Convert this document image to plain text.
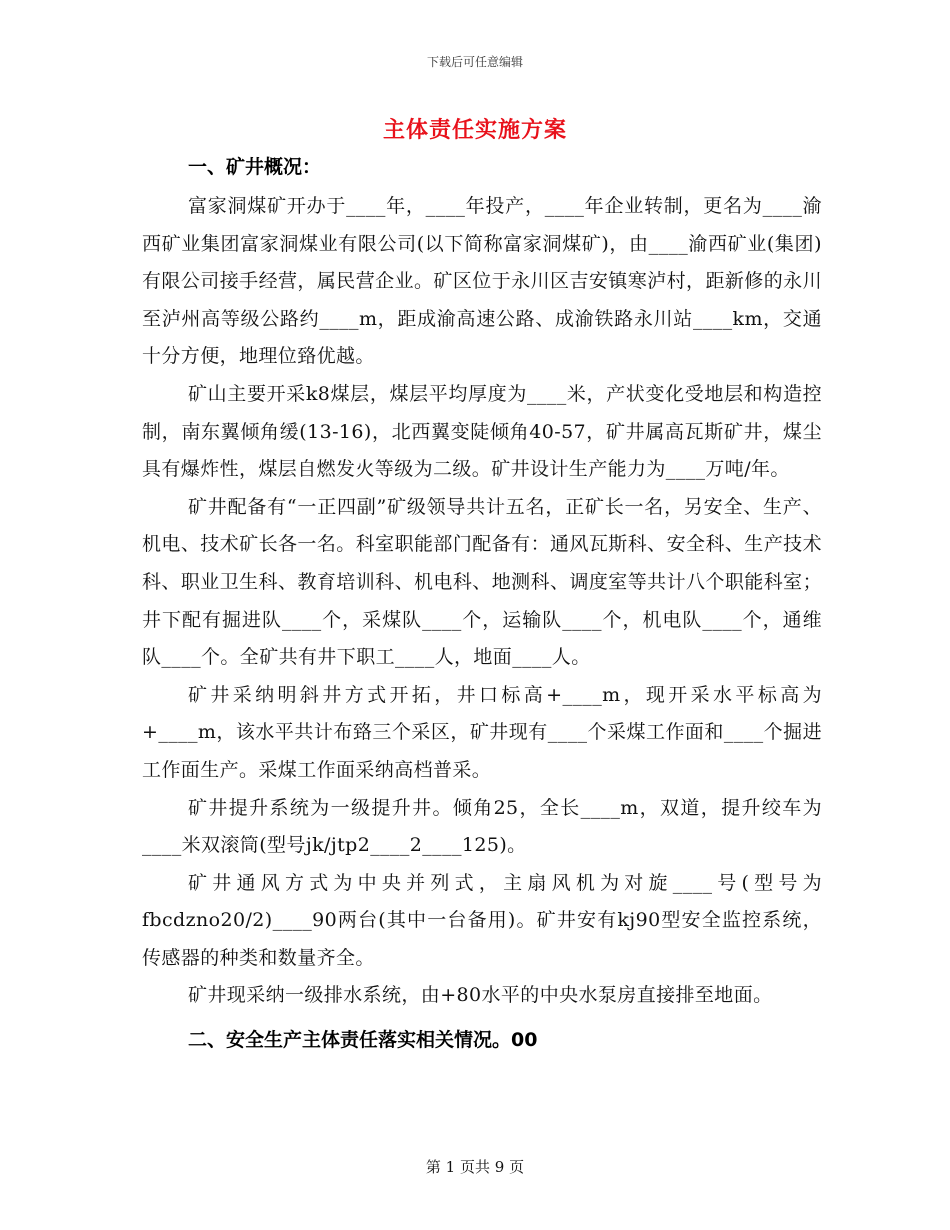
下载后可任意编辑
主体责任实施方案
一、矿井概况：

富家洞煤矿开办于____年，____年投产，____年企业转制，更名为____渝西矿业集团富家洞煤业有限公司(以下简称富家洞煤矿)，由____渝西矿业(集团)有限公司接手经营，属民营企业。矿区位于永川区吉安镇寒泸村，距新修的永川至泸州高等级公路约____m，距成渝高速公路、成渝铁路永川站____km，交通十分方便，地理位臵优越。

矿山主要开采k8煤层，煤层平均厚度为____米，产状变化受地层和构造控制，南东翼倾角缓(13-16)，北西翼变陡倾角40-57，矿井属高瓦斯矿井，煤尘具有爆炸性，煤层自燃发火等级为二级。矿井设计生产能力为____万吨/年。

矿井配备有“一正四副”矿级领导共计五名，正矿长一名，另安全、生产、机电、技术矿长各一名。科室职能部门配备有：通风瓦斯科、安全科、生产技术科、职业卫生科、教育培训科、机电科、地测科、调度室等共计八个职能科室；井下配有掘进队____个，采煤队____个，运输队____个，机电队____个，通维队____个。全矿共有井下职工____人，地面____人。

矿井采纳明斜井方式开拓，井口标高+____m，现开采水平标高为+____m，该水平共计布臵三个采区，矿井现有____个采煤工作面和____个掘进工作面生产。采煤工作面采纳高档普采。

矿井提升系统为一级提升井。倾角25，全长____m，双道，提升绞车为____米双滚筒(型号jk/jtp2____2____125)。

矿井通风方式为中央并列式，主扇风机为对旋____号(型号为fbcdzno20/2)____90两台(其中一台备用)。矿井安有kj90型安全监控系统，传感器的种类和数量齐全。

矿井现采纳一级排水系统，由+80水平的中央水泵房直接排至地面。

二、安全生产主体责任落实相关情况。00
第 1 页共 9 页
